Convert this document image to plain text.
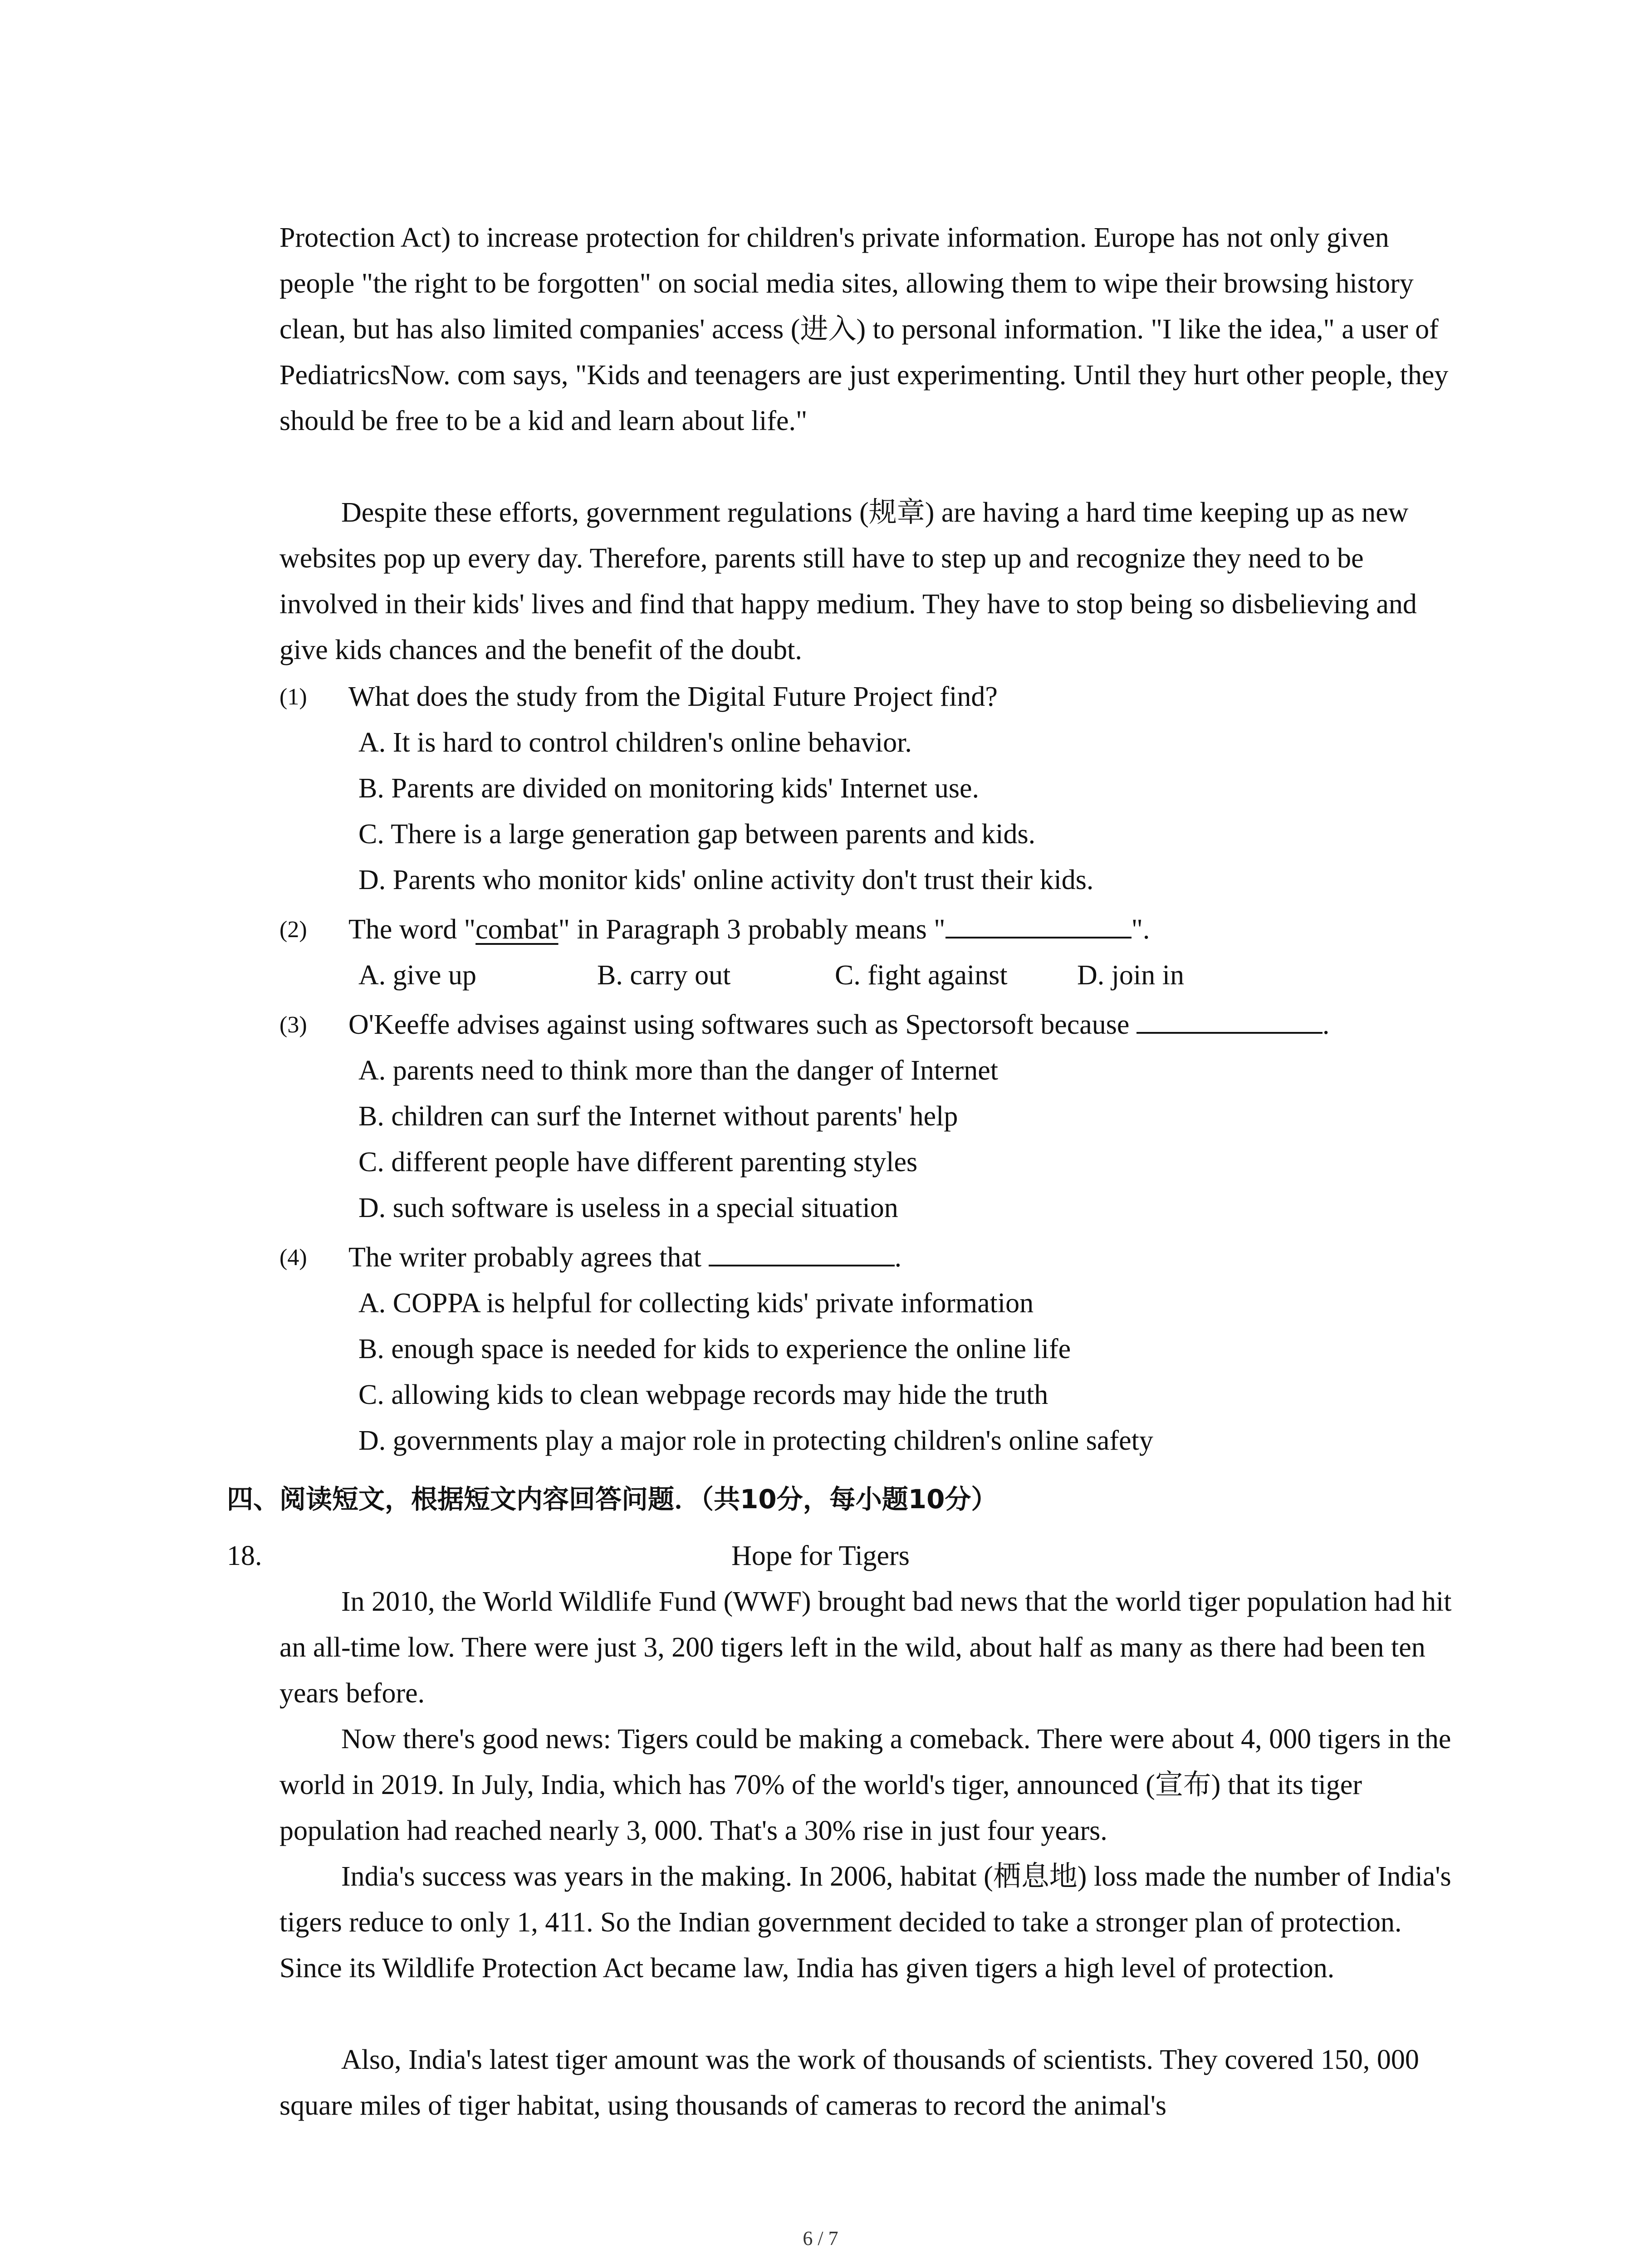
Protection Act) to increase protection for children's private information. Europe has not only given people "the right to be forgotten" on social media sites, allowing them to wipe their browsing history clean, but has also limited companies' access (进入) to personal information. "I like the idea," a user of PediatricsNow. com says, "Kids and teenagers are just experimenting. Until they hurt other people, they should be free to be a kid and learn about life."

Despite these efforts, government regulations (规章) are having a hard time keeping up as new websites pop up every day. Therefore, parents still have to step up and recognize they need to be involved in their kids' lives and find that happy medium. They have to stop being so disbelieving and give kids chances and the benefit of the doubt.

(1) What does the study from the Digital Future Project find?
A. It is hard to control children's online behavior.
B. Parents are divided on monitoring kids' Internet use.
C. There is a large generation gap between parents and kids.
D. Parents who monitor kids' online activity don't trust their kids.
(2) The word "combat" in Paragraph 3 probably means "	".
A. give up	B. carry out	C. fight against D. join in
(3) O'Keeffe advises against using softwares such as Spectorsoft because	.
A. parents need to think more than the danger of Internet
B. children can surf the Internet without parents' help
C. different people have different parenting styles
D. such software is useless in a special situation
(4) The writer probably agrees that	.
A. COPPA is helpful for collecting kids' private information
B. enough space is needed for kids to experience the online life
C. allowing kids to clean webpage records may hide the truth
D. governments play a major role in protecting children's online safety
四、阅读短文，根据短文内容回答问题．（共10分，每小题10分）
18.	Hope for Tigers

In 2010, the World Wildlife Fund (WWF) brought bad news that the world tiger population had hit an all-time low. There were just 3, 200 tigers left in the wild, about half as many as there had been ten years before.

Now there's good news: Tigers could be making a comeback. There were about 4, 000 tigers in the world in 2019. In July, India, which has 70% of the world's tiger, announced (宣布) that its tiger population had reached nearly 3, 000. That's a 30% rise in just four years.

India's success was years in the making. In 2006, habitat (栖息地) loss made the number of India's tigers reduce to only 1, 411. So the Indian government decided to take a stronger plan of protection. Since its Wildlife Protection Act became law, India has given tigers a high level of protection.

Also, India's latest tiger amount was the work of thousands of scientists. They covered 150, 000 square miles of tiger habitat, using thousands of cameras to record the animal's

6 / 7
